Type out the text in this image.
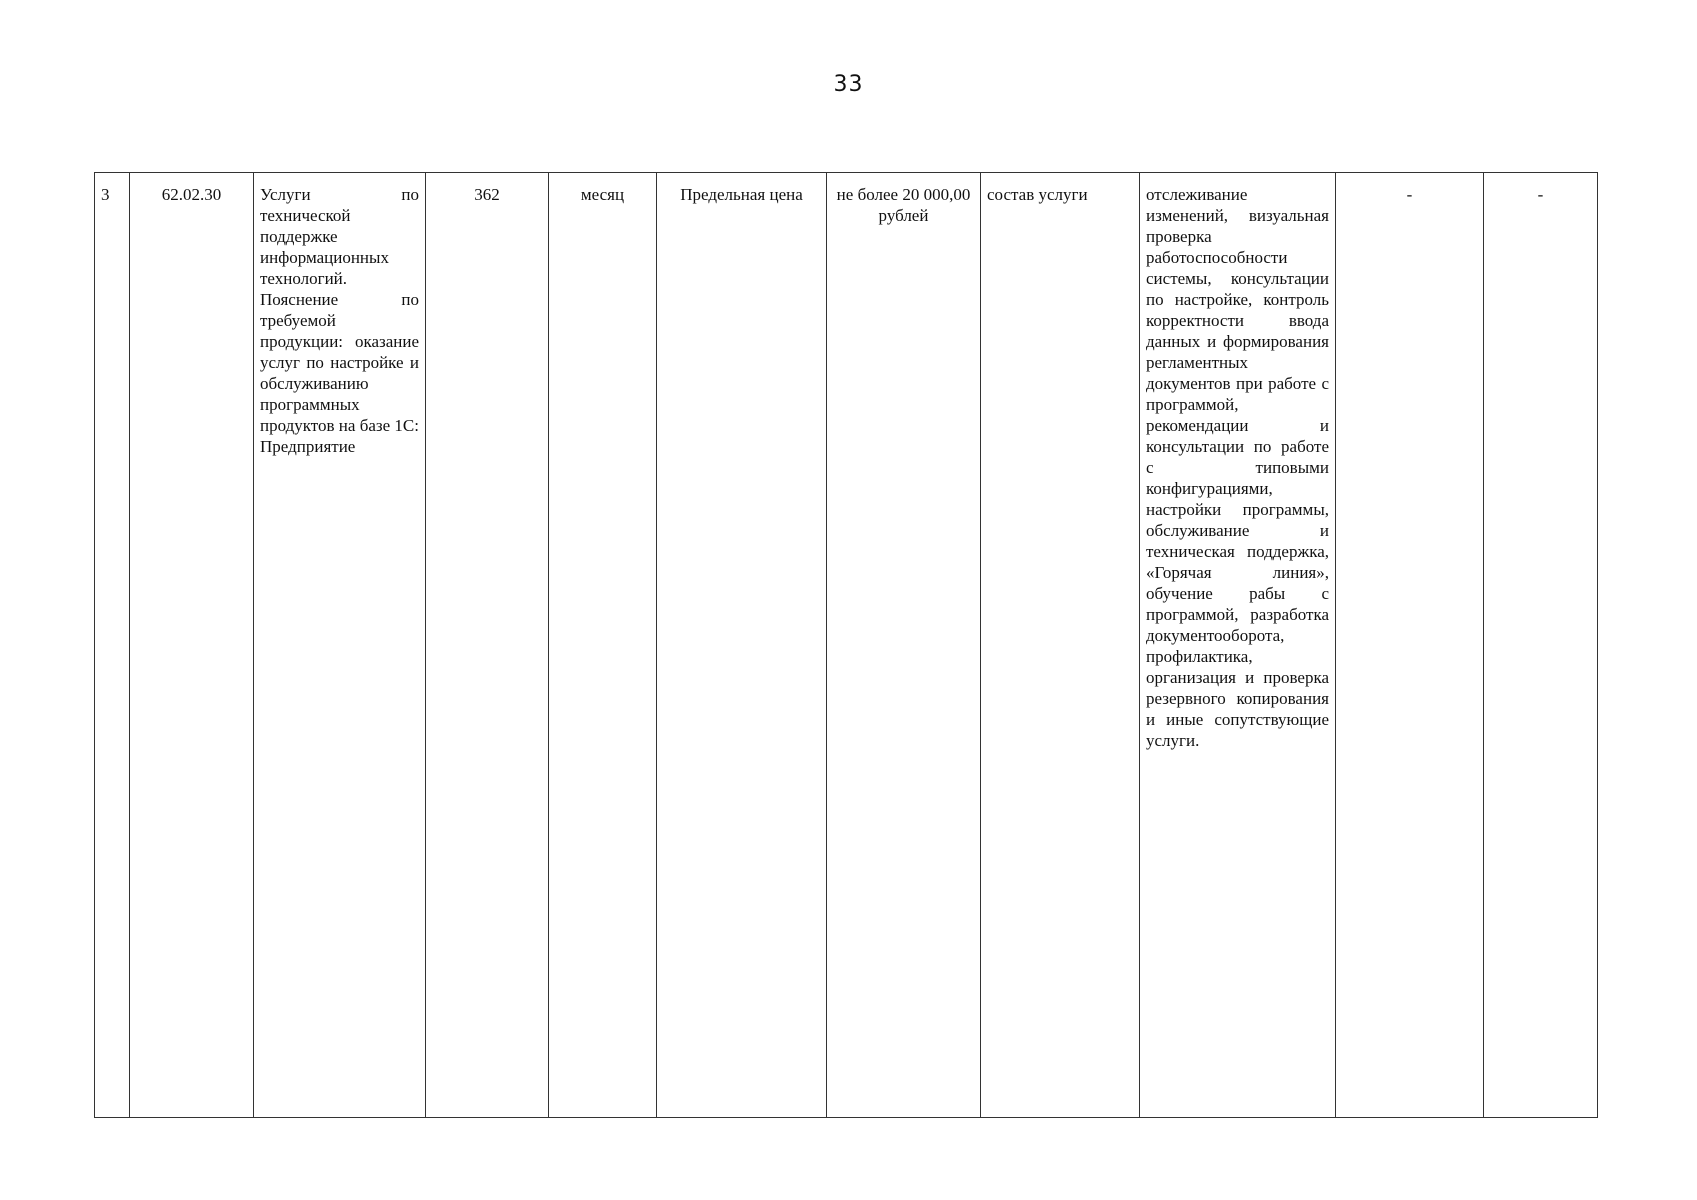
33
3	62.02.30	Услуги по технической поддержке информационных технологий. Пояснение по требуемой продукции: оказание услуг по настройке и обслуживанию программных продуктов на базе 1С: Предприятие	362	месяц	Предельная цена	не более 20 000,00 рублей	состав услуги	отслеживание изменений, визуальная проверка работоспособности системы, консультации по настройке, контроль корректности ввода данных и формирования регламентных документов при работе с программой, рекомендации и консультации по работе с типовыми конфигурациями, настройки программы, обслуживание и техническая поддержка, «Горячая линия», обучение рабы с программой, разработка документооборота, профилактика, организация и проверка резервного копирования и иные сопутствующие услуги.	-	-
